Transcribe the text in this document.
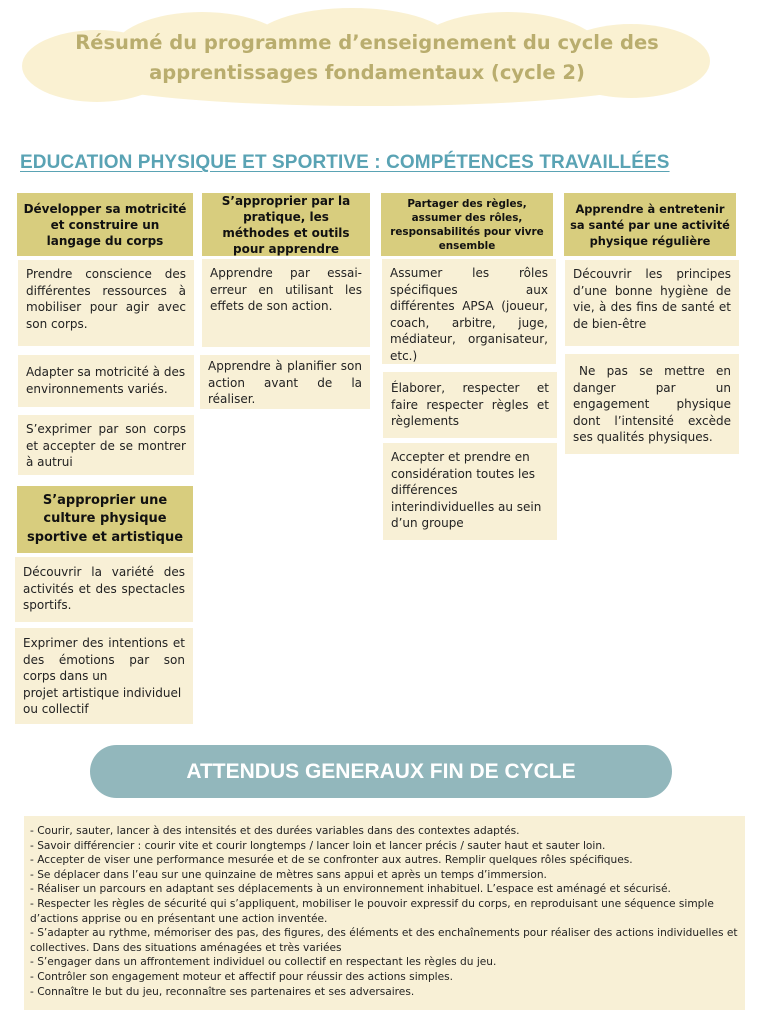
Résumé du programme d’enseignement du cycle des
apprentissages fondamentaux (cycle 2)
EDUCATION PHYSIQUE ET SPORTIVE : COMPÉTENCES TRAVAILLÉES
Développer sa motricité et construire un langage du corps
Prendre conscience des différentes ressources à mobiliser pour agir avec son corps.
Adapter sa motricité à des environnements variés.
S’exprimer par son corps et accepter de se montrer à autrui
S’approprier une culture physique sportive et artistique
Découvrir la variété des activités et des spectacles sportifs.
Exprimer des intentions et des émotions par son corps dans un
projet artistique individuel ou collectif
S’approprier par la pratique, les méthodes et outils pour apprendre
Apprendre par essai-erreur en utilisant les effets de son action.
Apprendre à planifier son action avant de la réaliser.
Partager des règles, assumer des rôles, responsabilités pour vivre ensemble
Assumer les rôles spécifiques aux différentes APSA (joueur, coach, arbitre, juge, médiateur, organisateur, etc.)
Élaborer, respecter et faire respecter règles et règlements
Accepter et prendre en considération toutes les différences interindividuelles au sein d’un groupe
Apprendre à entretenir sa santé par une activité physique régulière
Découvrir les principes d’une bonne hygiène de vie, à des fins de santé et de bien-être
Ne pas se mettre en danger par un engagement physique dont l’intensité excède ses qualités physiques.
ATTENDUS GENERAUX FIN DE CYCLE
- Courir, sauter, lancer à des intensités et des durées variables dans des contextes adaptés.
- Savoir différencier : courir vite et courir longtemps / lancer loin et lancer précis / sauter haut et sauter loin.
- Accepter de viser une performance mesurée et de se confronter aux autres. Remplir quelques rôles spécifiques.
- Se déplacer dans l’eau sur une quinzaine de mètres sans appui et après un temps d’immersion.
- Réaliser un parcours en adaptant ses déplacements à un environnement inhabituel. L’espace est aménagé et sécurisé.
- Respecter les règles de sécurité qui s’appliquent, mobiliser le pouvoir expressif du corps, en reproduisant une séquence simple d’actions apprise ou en présentant une action inventée.
- S’adapter au rythme, mémoriser des pas, des figures, des éléments et des enchaînements pour réaliser des actions individuelles et collectives. Dans des situations aménagées et très variées
- S’engager dans un affrontement individuel ou collectif en respectant les règles du jeu.
- Contrôler son engagement moteur et affectif pour réussir des actions simples.
- Connaître le but du jeu, reconnaître ses partenaires et ses adversaires.
